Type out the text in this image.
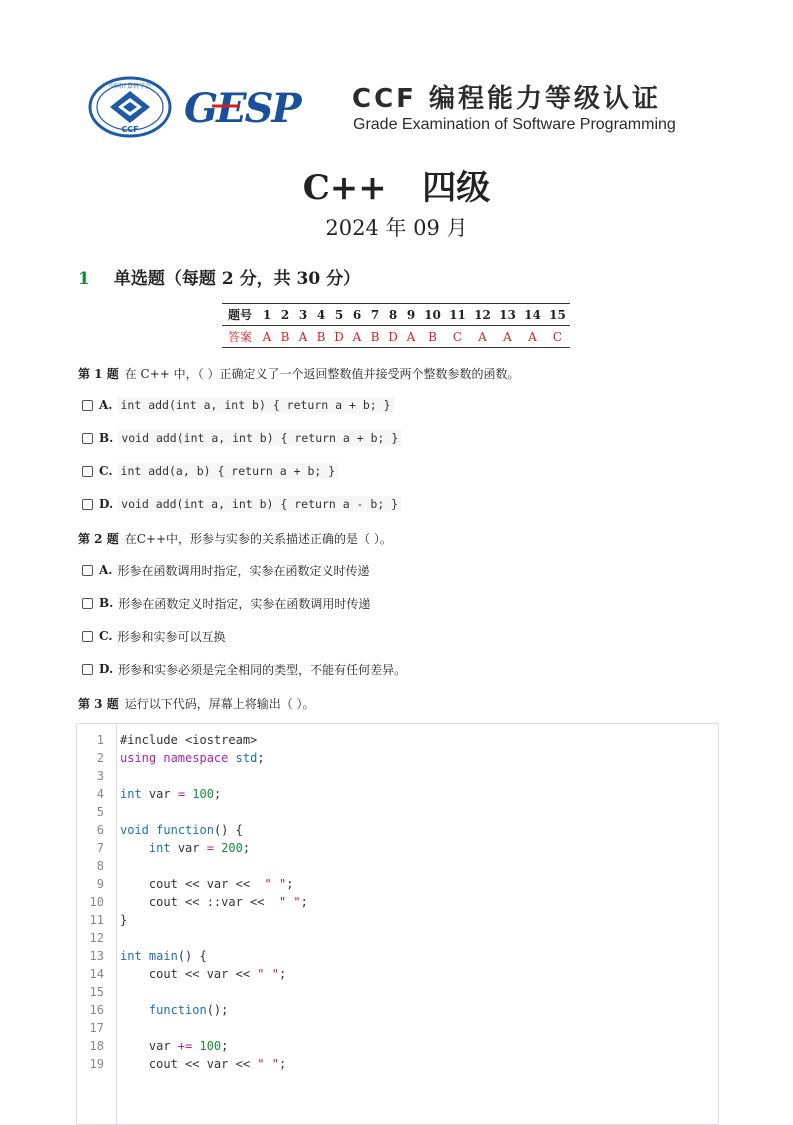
CCF
中国计算机学会 GESP CCF 编程能力等级认证
Grade Examination of Software Programming
C++   四级
2024 年 09 月
1 单选题（每题 2 分，共 30 分）
题号	1	2	3	4	5	6	7	8	9	10	11	12	13	14	15
答案	A	B	A	B	D	A	B	D	A	B	C	A	A	A	C
第 1 题 在 C++ 中，（ ）正确定义了一个返回整数值并接受两个整数参数的函数。
A. int add(int a, int b) { return a + b; }
B. void add(int a, int b) { return a + b; }
C. int add(a, b) { return a + b; }
D. void add(int a, int b) { return a - b; }
第 2 题 在C++中，形参与实参的关系描述正确的是（ ）。
A. 形参在函数调用时指定，实参在函数定义时传递
B. 形参在函数定义时指定，实参在函数调用时传递
C. 形参和实参可以互换
D. 形参和实参必须是完全相同的类型，不能有任何差异。
第 3 题 运行以下代码，屏幕上将输出（ ）。
1	#include <iostream>
2	using namespace std;
3
4	int var = 100;
5
6	void function() {
7	int var = 200;
8
9	cout << var <<  " ";
10	cout << ::var <<  " ";
11	}
12
13	int main() {
14	cout << var << " ";
15
16	function();
17
18	var += 100;
19	cout << var << " ";
